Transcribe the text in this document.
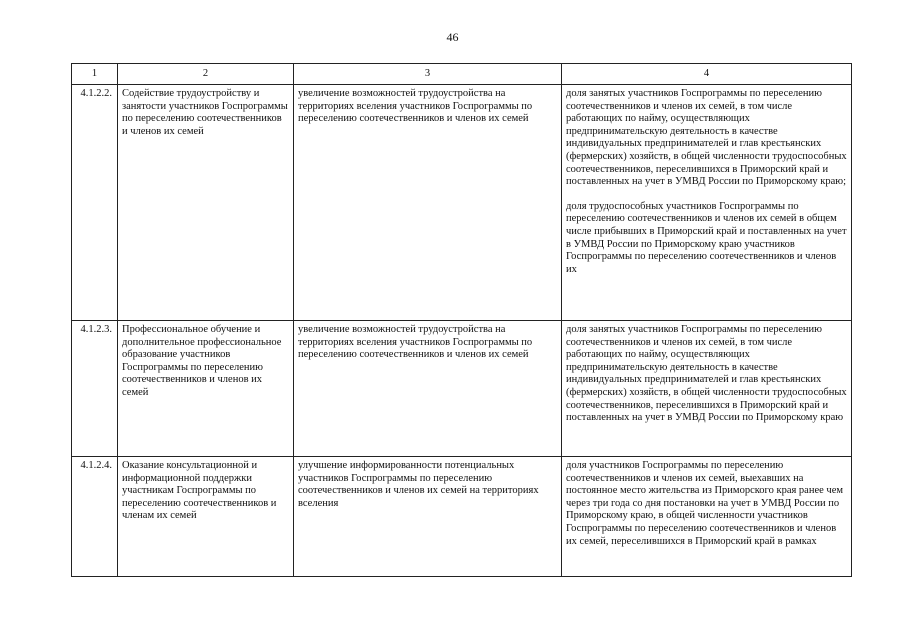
46
1	2	3	4
4.1.2.2.	Содействие трудоустройству и занятости участников Госпрограммы по переселению соотечественников и членов их семей	увеличение возможностей трудоустройства на территориях вселения участников Госпрограммы по переселению соотечественников и членов их семей	доля занятых участников Госпрограммы по переселению соотечественников и членов их семей, в том числе работающих по найму, осуществляющих предпринимательскую деятельность в качестве индивидуальных предпринимателей и глав крестьянских (фермерских) хозяйств, в общей численности трудоспособных соотечественников, переселившихся в Приморский край и поставленных на учет в УМВД России по Приморскому краю;
доля трудоспособных участников Госпрограммы по переселению соотечественников и членов их семей в общем числе прибывших в Приморский край и поставленных на учет в УМВД России по Приморскому краю участников Госпрограммы по переселению соотечественников и членов их

4.1.2.3.	Профессиональное обучение и дополнительное профессиональное образование участников Госпрограммы по переселению соотечественников и членов их семей	увеличение возможностей трудоустройства на территориях вселения участников Госпрограммы по переселению соотечественников и членов их семей	доля занятых участников Госпрограммы по переселению соотечественников и членов их семей, в том числе работающих по найму, осуществляющих предпринимательскую деятельность в качестве индивидуальных предпринимателей и глав крестьянских (фермерских) хозяйств, в общей численности трудоспособных соотечественников, переселившихся в Приморский край и поставленных на учет в УМВД России по Приморскому краю

4.1.2.4.	Оказание консультационной и информационной поддержки участникам Госпрограммы по переселению соотечественников и членам их семей	улучшение информированности потенциальных участников Госпрограммы по переселению соотечественников и членов их семей на территориях вселения	доля участников Госпрограммы по переселению соотечественников и членов их семей, выехавших на постоянное место жительства из Приморского края ранее чем через три года со дня постановки на учет в УМВД России по Приморскому краю, в общей численности участников Госпрограммы по переселению соотечественников и членов их семей, переселившихся в Приморский край в рамках
